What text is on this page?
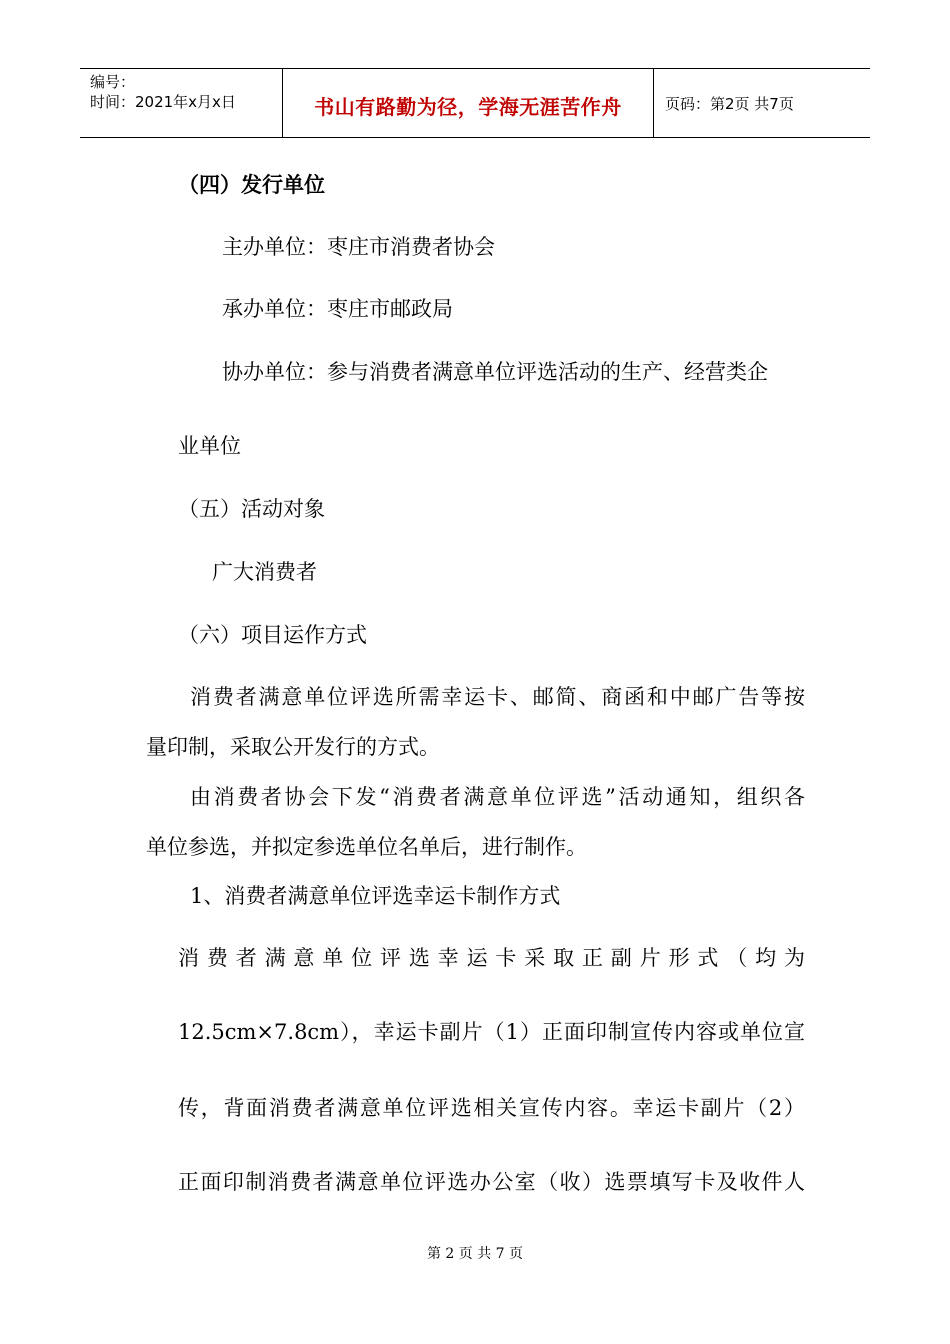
编号：
时间：2021年x月x日	书山有路勤为径，学海无涯苦作舟	页码：第2页 共7页
（四）发行单位
主办单位：枣庄市消费者协会
承办单位：枣庄市邮政局
协办单位：参与消费者满意单位评选活动的生产、经营类企
业单位
（五）活动对象
广大消费者
（六）项目运作方式
消费者满意单位评选所需幸运卡、邮简、商函和中邮广告等按
量印制，采取公开发行的方式。
由消费者协会下发“消费者满意单位评选”活动通知，组织各
单位参选，并拟定参选单位名单后，进行制作。
1、消费者满意单位评选幸运卡制作方式
消费者满意单位评选幸运卡采取正副片形式（均为
12.5cm×7.8cm），幸运卡副片（1）正面印制宣传内容或单位宣
传，背面消费者满意单位评选相关宣传内容。幸运卡副片（2）
正面印制消费者满意单位评选办公室（收）选票填写卡及收件人
第 2 页 共 7 页
